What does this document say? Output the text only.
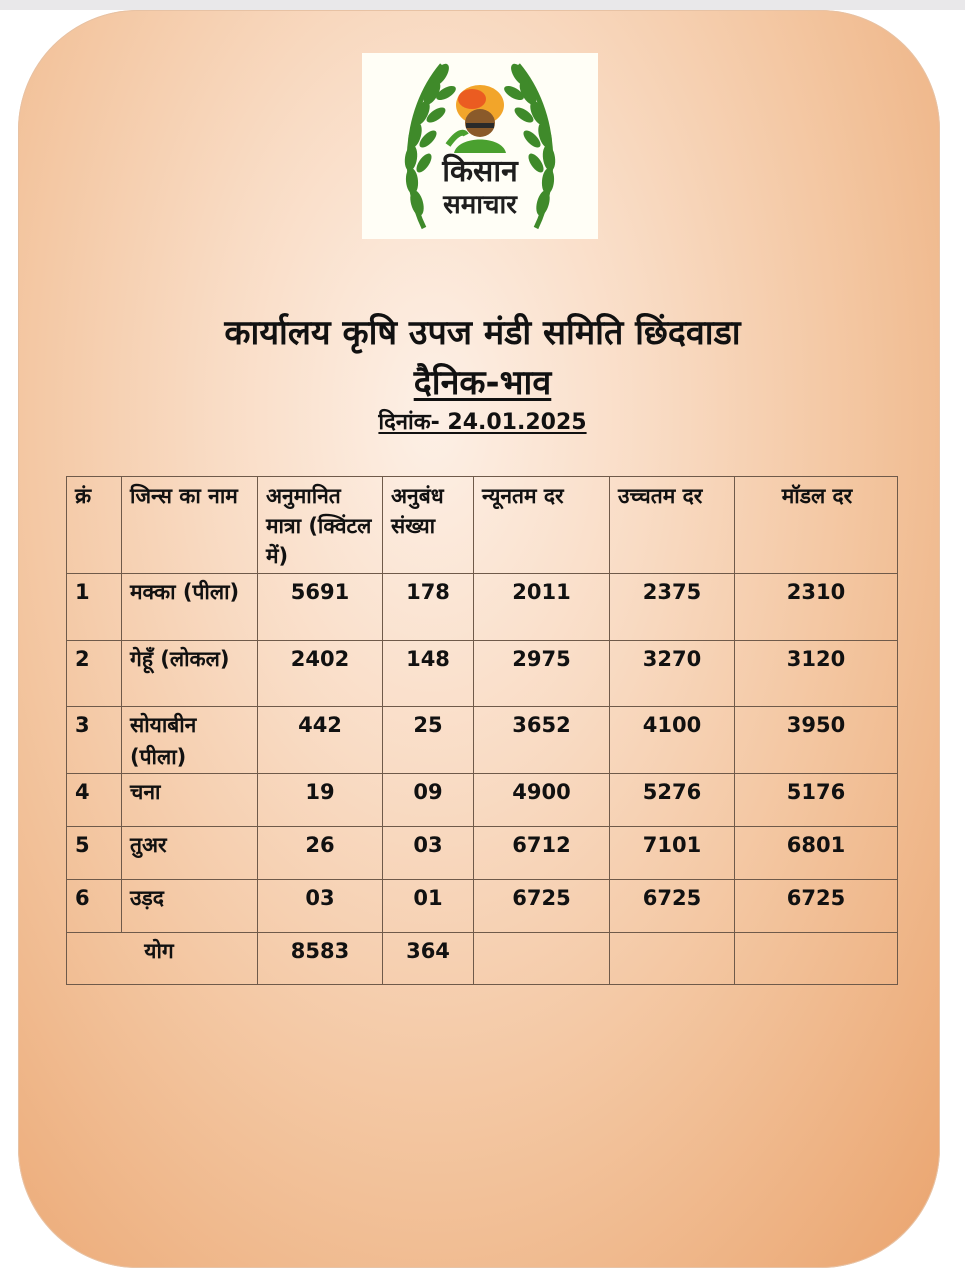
किसान
समाचार
कार्यालय कृषि उपज मंडी समिति छिंदवाडा
दैनिक-भाव
दिनांक- 24.01.2025
क्रं	जिन्स का नाम	अनुमानित मात्रा (क्विंटल में)	अनुबंध संख्या	न्यूनतम दर	उच्चतम दर	मॉडल दर
1	मक्का (पीला)	5691	178	2011	2375	2310
2	गेहूँ (लोकल)	2402	148	2975	3270	3120
3	सोयाबीन (पीला)	442	25	3652	4100	3950
4	चना	19	09	4900	5276	5176
5	तुअर	26	03	6712	7101	6801
6	उड़द	03	01	6725	6725	6725
योग		8583	364			
